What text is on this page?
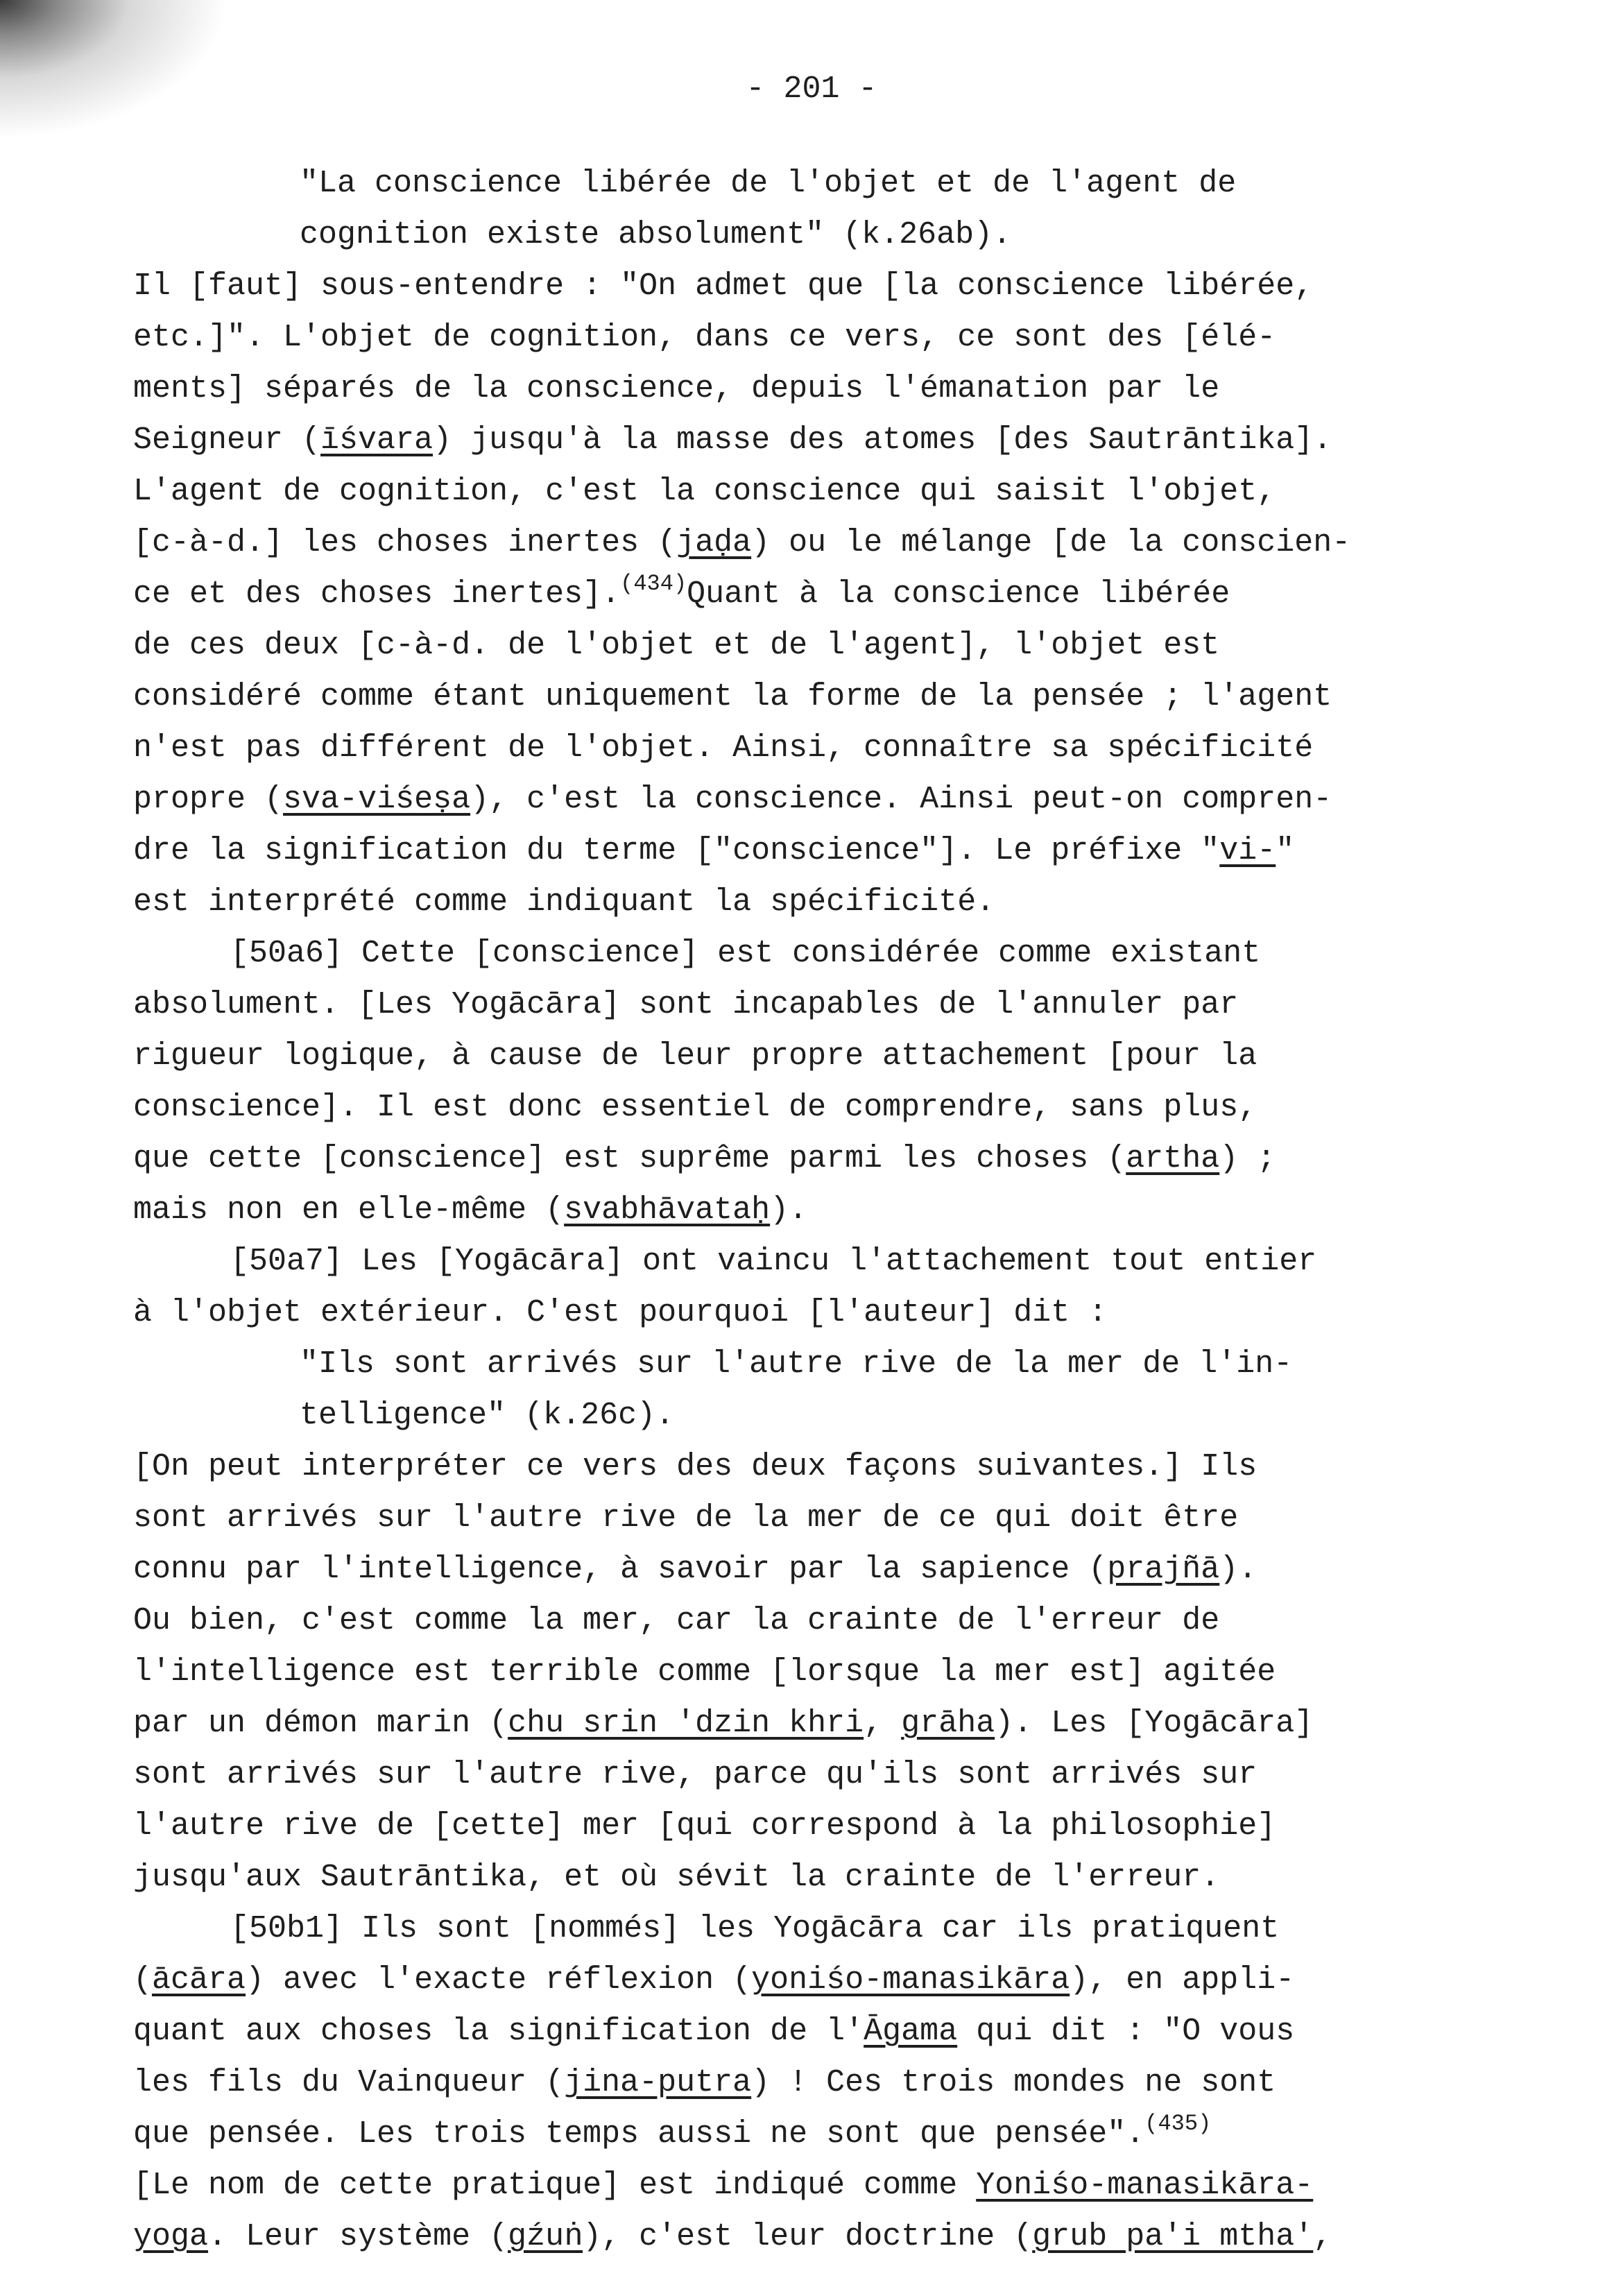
- 201 -
"La conscience libérée de l'objet et de l'agent de
cognition existe absolument" (k.26ab).
Il [faut] sous-entendre : "On admet que [la conscience libérée,
etc.]". L'objet de cognition, dans ce vers, ce sont des [élé-
ments] séparés de la conscience, depuis l'émanation par le
Seigneur (īśvara) jusqu'à la masse des atomes [des Sautrāntika].
L'agent de cognition, c'est la conscience qui saisit l'objet,
[c-à-d.] les choses inertes (jaḍa) ou le mélange [de la conscien-
ce et des choses inertes].$^{(434)}$Quant à la conscience libérée
de ces deux [c-à-d. de l'objet et de l'agent], l'objet est
considéré comme étant uniquement la forme de la pensée ; l'agent
n'est pas différent de l'objet. Ainsi, connaître sa spécificité
propre (sva-viśeṣa), c'est la conscience. Ainsi peut-on compren-
dre la signification du terme ["conscience"]. Le préfixe "vi-"
est interprété comme indiquant la spécificité.
[50a6] Cette [conscience] est considérée comme existant
absolument. [Les Yogācāra] sont incapables de l'annuler par
rigueur logique, à cause de leur propre attachement [pour la
conscience]. Il est donc essentiel de comprendre, sans plus,
que cette [conscience] est suprême parmi les choses (artha) ;
mais non en elle-même (svabhāvataḥ).
[50a7] Les [Yogācāra] ont vaincu l'attachement tout entier
à l'objet extérieur. C'est pourquoi [l'auteur] dit :
"Ils sont arrivés sur l'autre rive de la mer de l'in-
telligence" (k.26c).
[On peut interpréter ce vers des deux façons suivantes.] Ils
sont arrivés sur l'autre rive de la mer de ce qui doit être
connu par l'intelligence, à savoir par la sapience (prajñā).
Ou bien, c'est comme la mer, car la crainte de l'erreur de
l'intelligence est terrible comme [lorsque la mer est] agitée
par un démon marin (chu srin 'dzin khri, grāha). Les [Yogācāra]
sont arrivés sur l'autre rive, parce qu'ils sont arrivés sur
l'autre rive de [cette] mer [qui correspond à la philosophie]
jusqu'aux Sautrāntika, et où sévit la crainte de l'erreur.
[50b1] Ils sont [nommés] les Yogācāra car ils pratiquent
(ācāra) avec l'exacte réflexion (yoniśo-manasikāra), en appli-
quant aux choses la signification de l'Āgama qui dit : "O vous
les fils du Vainqueur (jina-putra) ! Ces trois mondes ne sont
que pensée. Les trois temps aussi ne sont que pensée".$^{(435)}$
[Le nom de cette pratique] est indiqué comme Yoniśo-manasikāra-
yoga. Leur système (gźuṅ), c'est leur doctrine (grub pa'i mtha',
